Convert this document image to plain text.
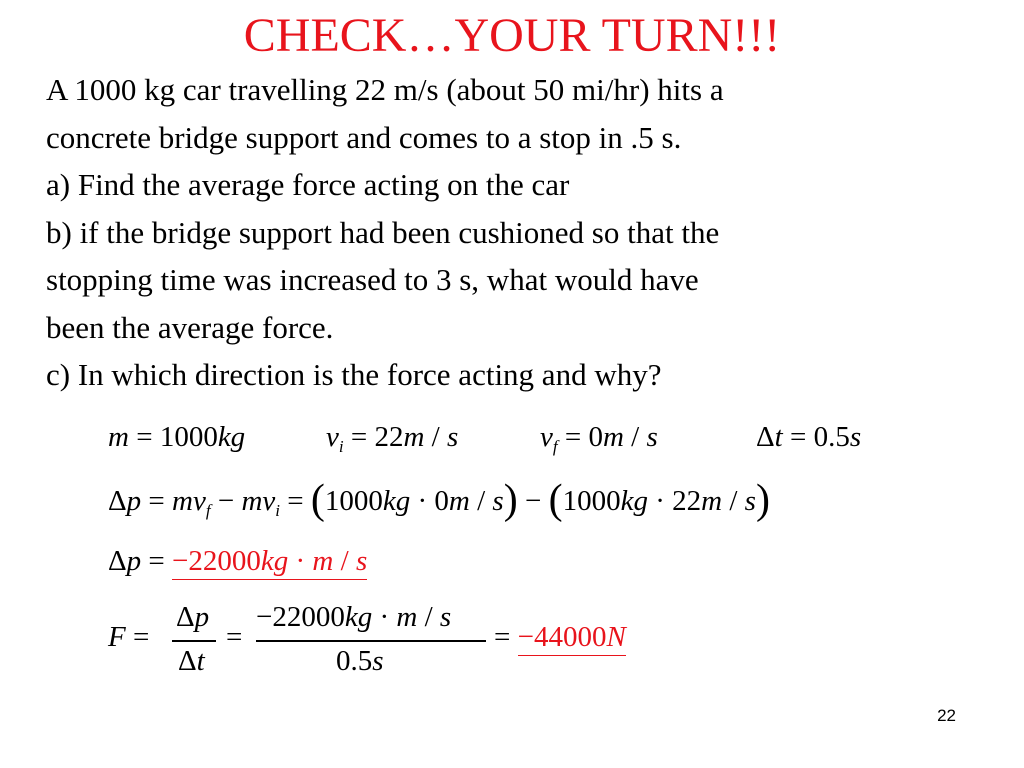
CHECK…YOUR TURN!!!
A 1000 kg car travelling 22 m/s (about 50 mi/hr) hits a
concrete bridge support and comes to a stop in .5 s.
a) Find the average force acting on the car
b) if the bridge support had been cushioned so that the
stopping time was increased to 3 s, what would have
been the average force.
c) In which direction is the force acting and why?
m = 1000kg	$v_i = 22m / s$	$v_f = 0m / s$	Δt = 0.5s
$\Delta p = mv_f - mv_i = (1000kg \cdot 0m / s) - (1000kg \cdot 22m / s)$
Δp = −22000kg · m / s
F =
Δp
Δt
=
−22000kg · m / s
0.5s
= −44000N
22
